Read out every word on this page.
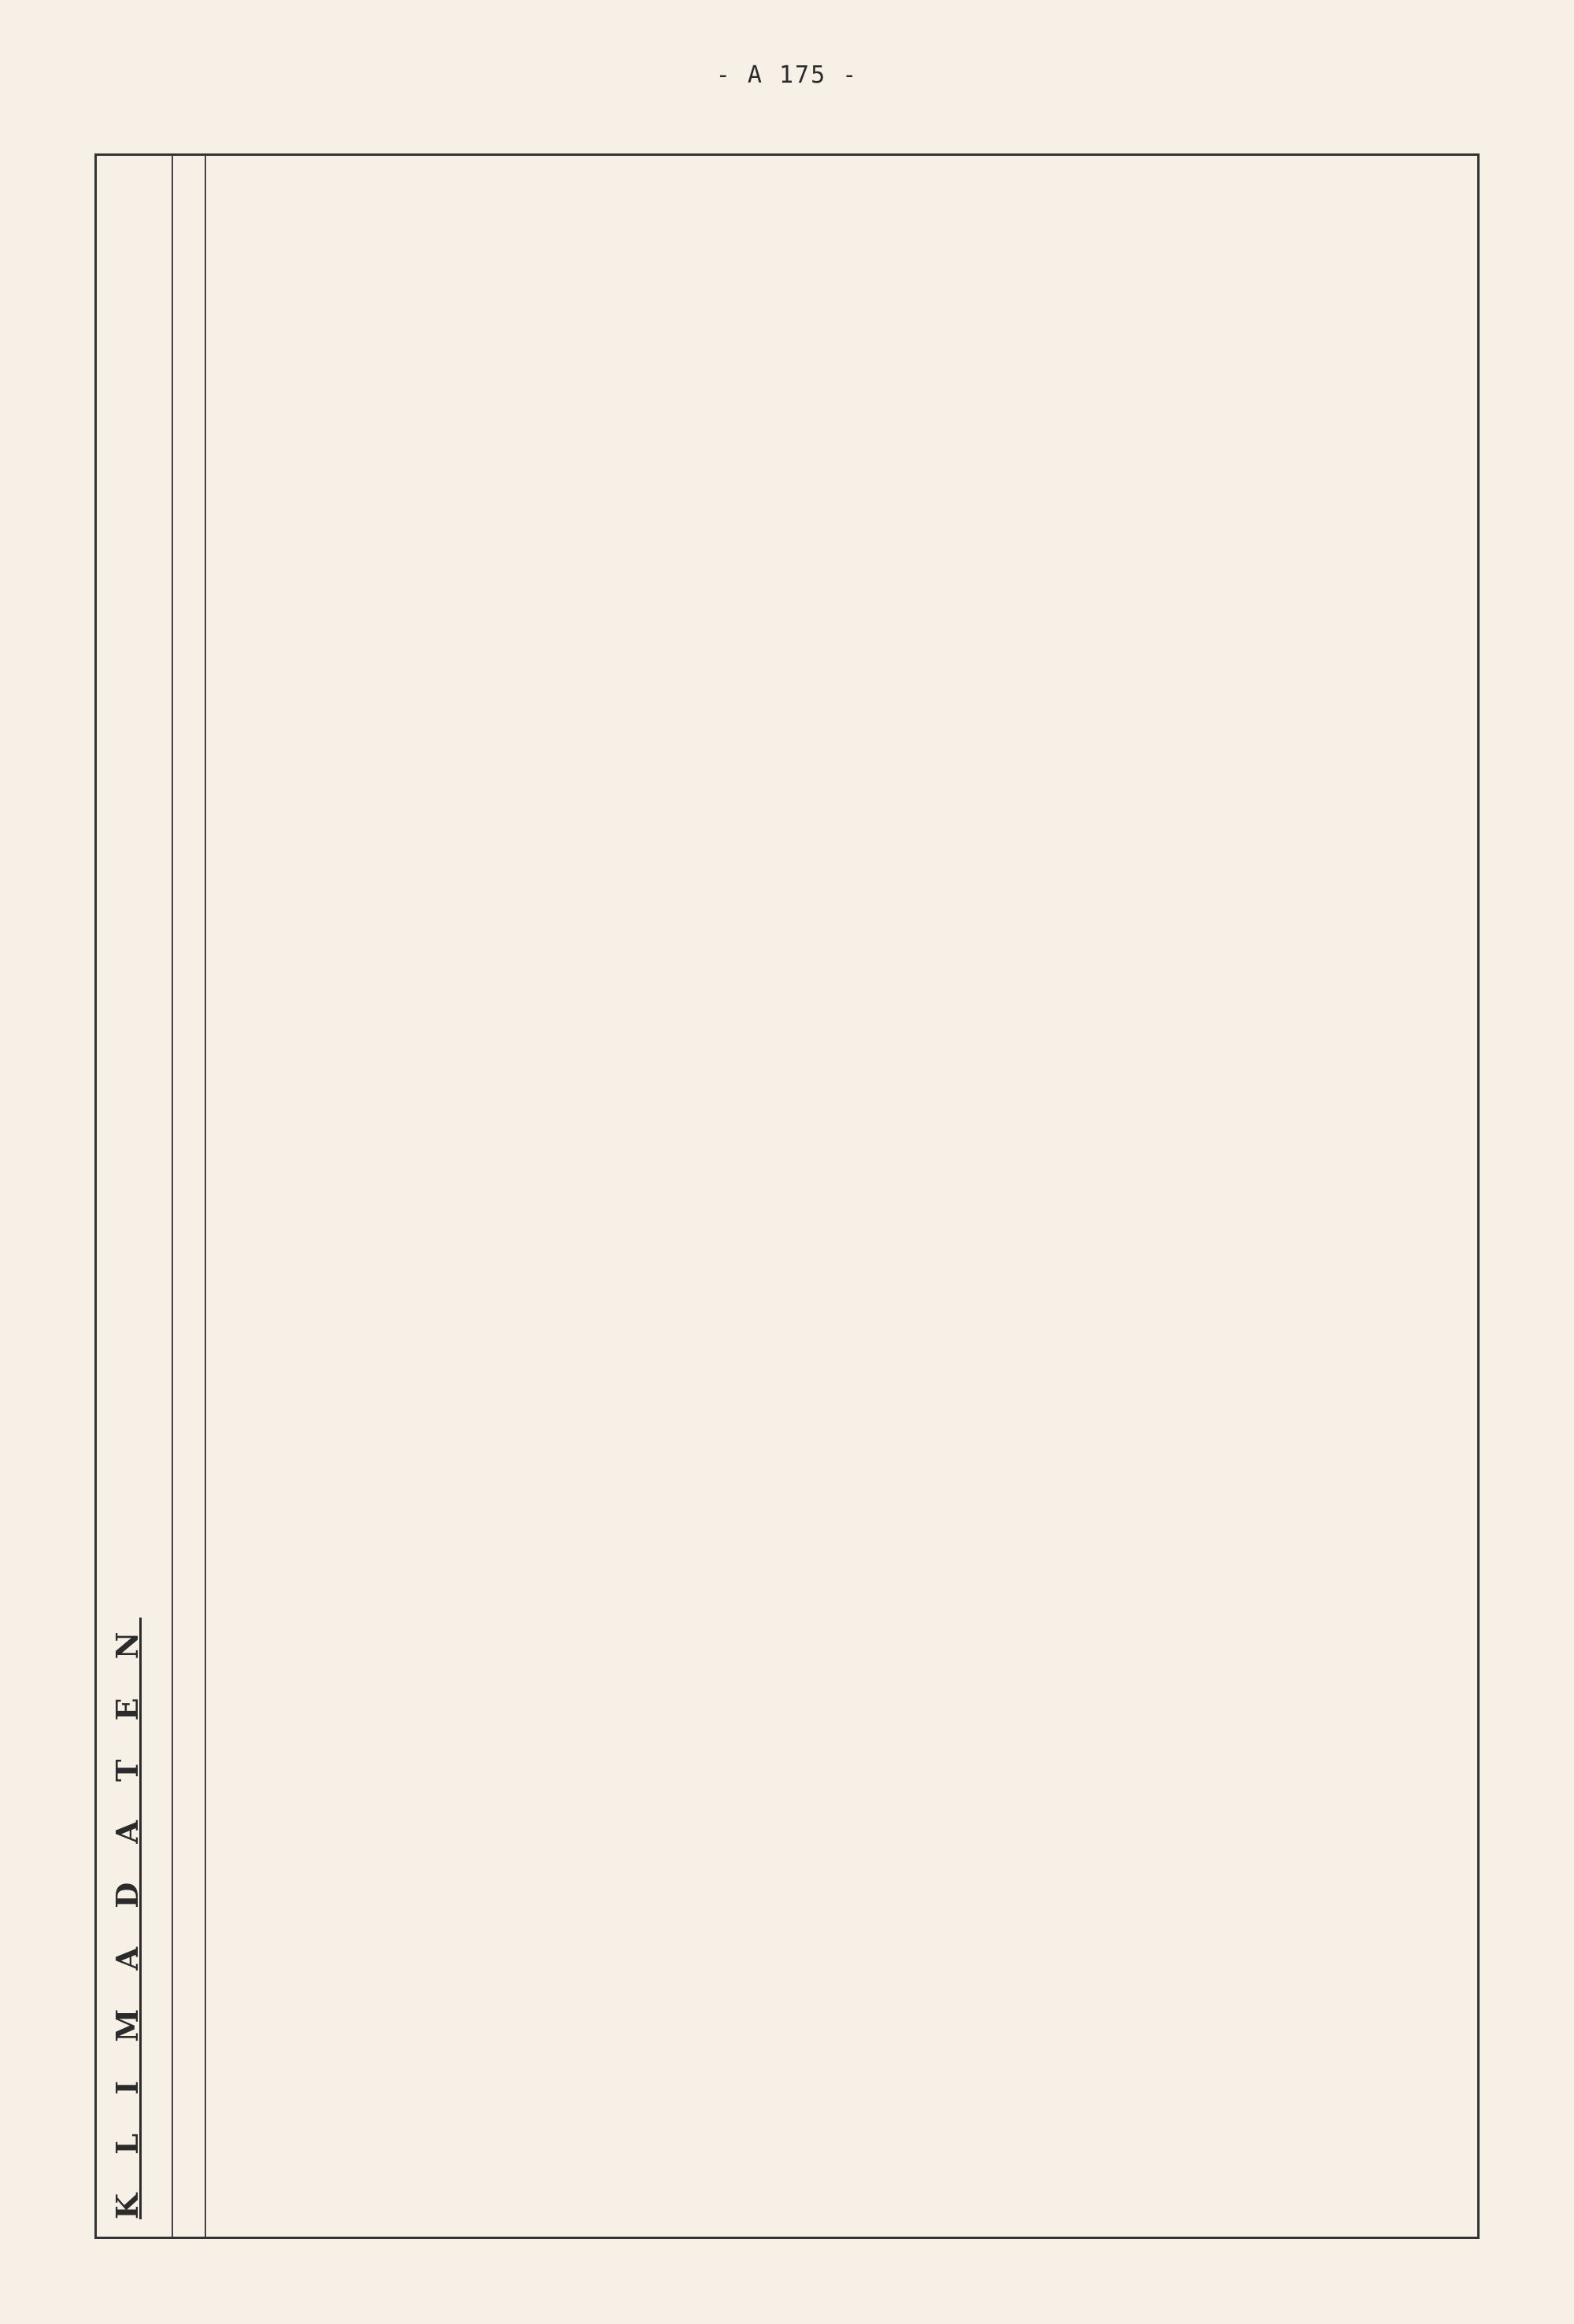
- A 175 -
K L I M A D A T E N
